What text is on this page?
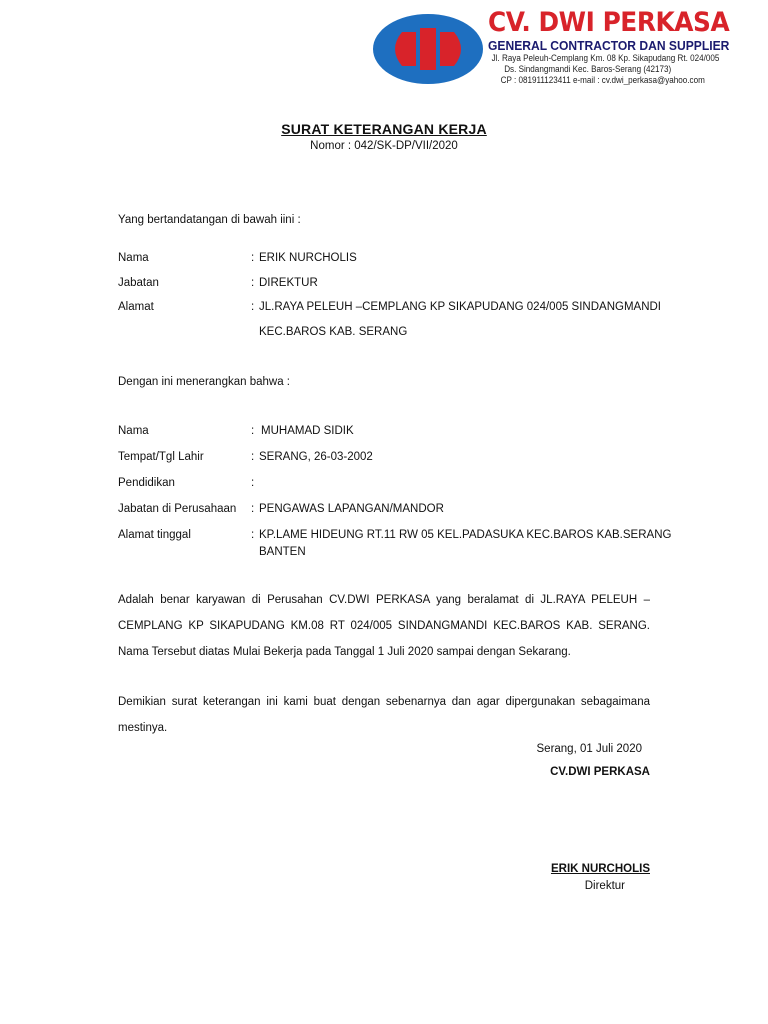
CV. DWI PERKASA
GENERAL CONTRACTOR DAN SUPPLIER
Jl. Raya Peleuh-Cemplang Km. 08 Kp. Sikapudang Rt. 024/005
Ds. Sindangmandi Kec. Baros-Serang (42173)
CP : 081911123411 e-mail : cv.dwi_perkasa@yahoo.com
SURAT KETERANGAN KERJA
Nomor : 042/SK-DP/VII/2020
Yang bertandatangan di bawah iini :
Nama	: ERIK NURCHOLIS
Jabatan	: DIREKTUR
Alamat	: JL.RAYA PELEUH –CEMPLANG KP SIKAPUDANG 024/005 SINDANGMANDI
KEC.BAROS KAB. SERANG
Dengan ini menerangkan bahwa :
Nama	: MUHAMAD SIDIK
Tempat/Tgl Lahir	: SERANG, 26-03-2002
Pendidikan	:
Jabatan di Perusahaan : PENGAWAS LAPANGAN/MANDOR
Alamat tinggal	: KP.LAME HIDEUNG RT.11 RW 05 KEL.PADASUKA KEC.BAROS KAB.SERANG
BANTEN
Adalah benar karyawan di Perusahan CV.DWI PERKASA yang beralamat di JL.RAYA PELEUH – CEMPLANG KP SIKAPUDANG KM.08 RT 024/005 SINDANGMANDI KEC.BAROS KAB. SERANG. Nama Tersebut diatas Mulai Bekerja pada Tanggal 1 Juli 2020 sampai dengan Sekarang.
Demikian surat keterangan ini kami buat dengan sebenarnya dan agar dipergunakan sebagaimana mestinya.
Serang, 01 Juli 2020
CV.DWI PERKASA
ERIK NURCHOLIS
Direktur
